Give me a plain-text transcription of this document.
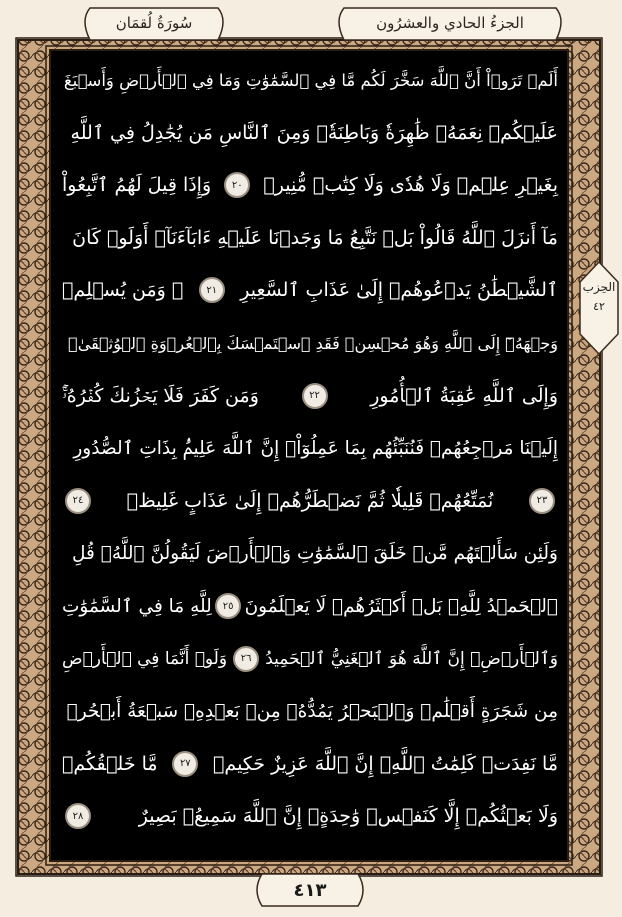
سُورَةُ لُقمَان	الجزءُ الحادي والعشرُون
الحِزب
٤٢
أَلَمۡ تَرَوۡاْ أَنَّ ٱللَّهَ سَخَّرَ لَكُم مَّا فِي ٱلسَّمَٰوَٰتِ وَمَا فِي ٱلۡأَرۡضِ وَأَسۡبَغَ
عَلَيۡكُمۡ نِعَمَهُۥ ظَٰهِرَةٗ وَبَاطِنَةٗۗ وَمِنَ ٱلنَّاسِ مَن يُجَٰدِلُ فِي ٱللَّهِ
بِغَيۡرِ عِلۡمٖ وَلَا هُدٗى وَلَا كِتَٰبٖ مُّنِيرٖ
٢٠
وَإِذَا قِيلَ لَهُمُ ٱتَّبِعُواْ
مَآ أَنزَلَ ٱللَّهُ قَالُواْ بَلۡ نَتَّبِعُ مَا وَجَدۡنَا عَلَيۡهِ ءَابَآءَنَآۚ أَوَلَوۡ كَانَ
ٱلشَّيۡطَٰنُ يَدۡعُوهُمۡ إِلَىٰ عَذَابِ ٱلسَّعِيرِ
٢١
۞ وَمَن يُسۡلِمۡ
وَجۡهَهُۥٓ إِلَى ٱللَّهِ وَهُوَ مُحۡسِنٞ فَقَدِ ٱسۡتَمۡسَكَ بِٱلۡعُرۡوَةِ ٱلۡوُثۡقَىٰۗ
وَإِلَى ٱللَّهِ عَٰقِبَةُ ٱلۡأُمُورِ
٢٢
وَمَن كَفَرَ فَلَا يَحۡزُنكَ كُفۡرُهُۥٓۚ
إِلَيۡنَا مَرۡجِعُهُمۡ فَنُنَبِّئُهُم بِمَا عَمِلُوٓاْۚ إِنَّ ٱللَّهَ عَلِيمُۢ بِذَاتِ ٱلصُّدُورِ
٢٣
نُمَتِّعُهُمۡ قَلِيلٗا ثُمَّ نَضۡطَرُّهُمۡ إِلَىٰ عَذَابٍ غَلِيظٖ
٢٤
وَلَئِن سَأَلۡتَهُم مَّنۡ خَلَقَ ٱلسَّمَٰوَٰتِ وَٱلۡأَرۡضَ لَيَقُولُنَّ ٱللَّهُۚ قُلِ
ٱلۡحَمۡدُ لِلَّهِۚ بَلۡ أَكۡثَرُهُمۡ لَا يَعۡلَمُونَ
٢٥
لِلَّهِ مَا فِي ٱلسَّمَٰوَٰتِ
وَٱلۡأَرۡضِۚ إِنَّ ٱللَّهَ هُوَ ٱلۡغَنِيُّ ٱلۡحَمِيدُ
٢٦
وَلَوۡ أَنَّمَا فِي ٱلۡأَرۡضِ
مِن شَجَرَةٍ أَقۡلَٰمٞ وَٱلۡبَحۡرُ يَمُدُّهُۥ مِنۢ بَعۡدِهِۦ سَبۡعَةُ أَبۡحُرٖ
مَّا نَفِدَتۡ كَلِمَٰتُ ٱللَّهِۚ إِنَّ ٱللَّهَ عَزِيزٌ حَكِيمٞ
٢٧
مَّا خَلۡقُكُمۡ
وَلَا بَعۡثُكُمۡ إِلَّا كَنَفۡسٖ وَٰحِدَةٍۚ إِنَّ ٱللَّهَ سَمِيعُۢ بَصِيرٌ
٢٨
٤١٣
